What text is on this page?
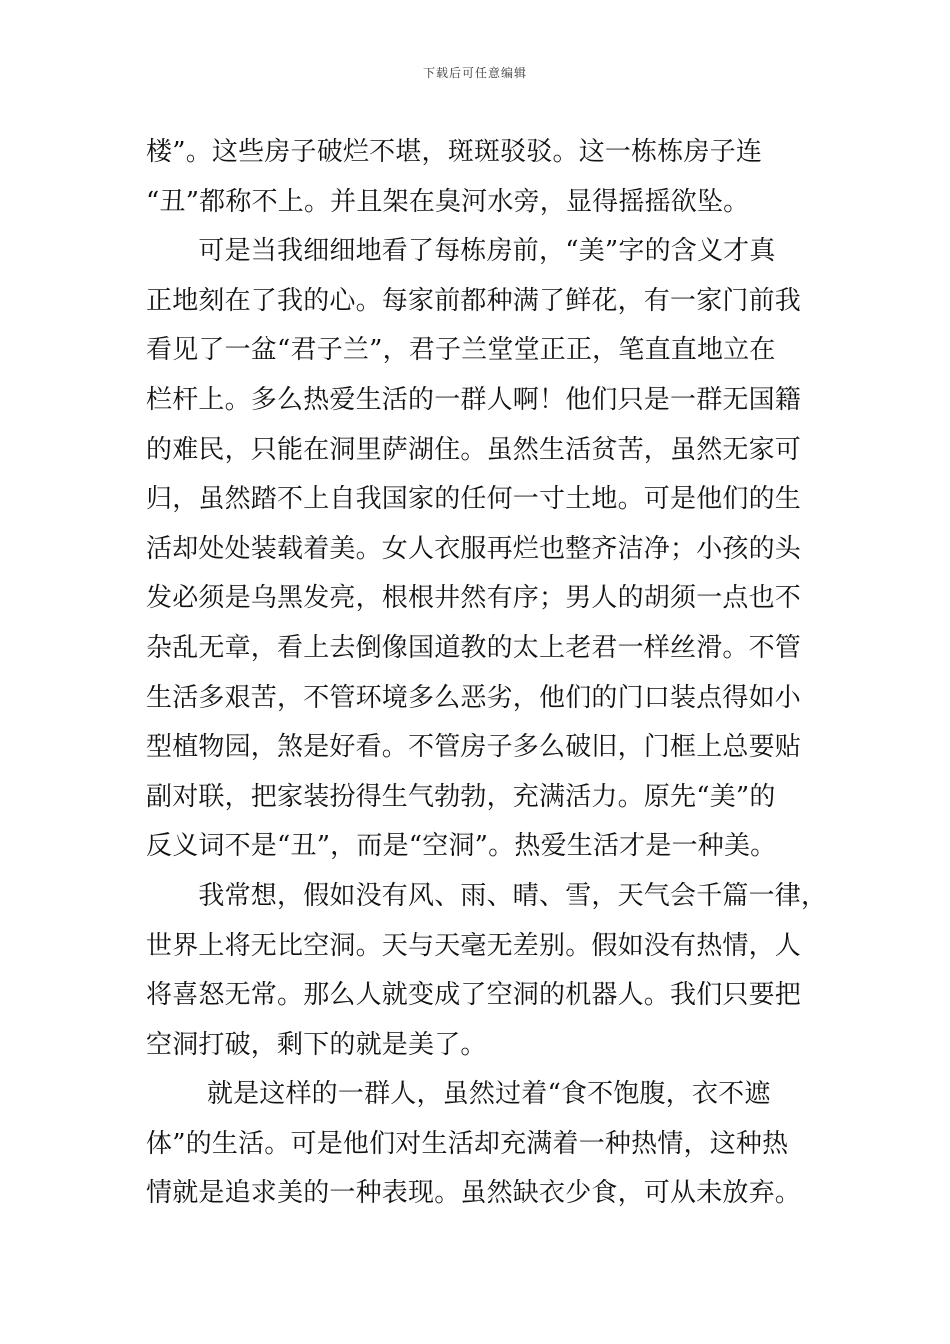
下载后可任意编辑
楼”。这些房子破烂不堪，斑斑驳驳。这一栋栋房子连
“丑”都称不上。并且架在臭河水旁，显得摇摇欲坠。
　　可是当我细细地看了每栋房前，“美”字的含义才真
正地刻在了我的心。每家前都种满了鲜花，有一家门前我
看见了一盆“君子兰”，君子兰堂堂正正，笔直直地立在
栏杆上。多么热爱生活的一群人啊！他们只是一群无国籍
的难民，只能在洞里萨湖住。虽然生活贫苦，虽然无家可
归，虽然踏不上自我国家的任何一寸土地。可是他们的生
活却处处装载着美。女人衣服再烂也整齐洁净；小孩的头
发必须是乌黑发亮，根根井然有序；男人的胡须一点也不
杂乱无章，看上去倒像国道教的太上老君一样丝滑。不管
生活多艰苦，不管环境多么恶劣，他们的门口装点得如小
型植物园，煞是好看。不管房子多么破旧，门框上总要贴
副对联，把家装扮得生气勃勃，充满活力。原先“美”的
反义词不是“丑”，而是“空洞”。热爱生活才是一种美。
　　我常想，假如没有风、雨、晴、雪，天气会千篇一律，
世界上将无比空洞。天与天毫无差别。假如没有热情，人
将喜怒无常。那么人就变成了空洞的机器人。我们只要把
空洞打破，剩下的就是美了。
　　 就是这样的一群人，虽然过着“食不饱腹，衣不遮
体”的生活。可是他们对生活却充满着一种热情，这种热
情就是追求美的一种表现。虽然缺衣少食，可从未放弃。
